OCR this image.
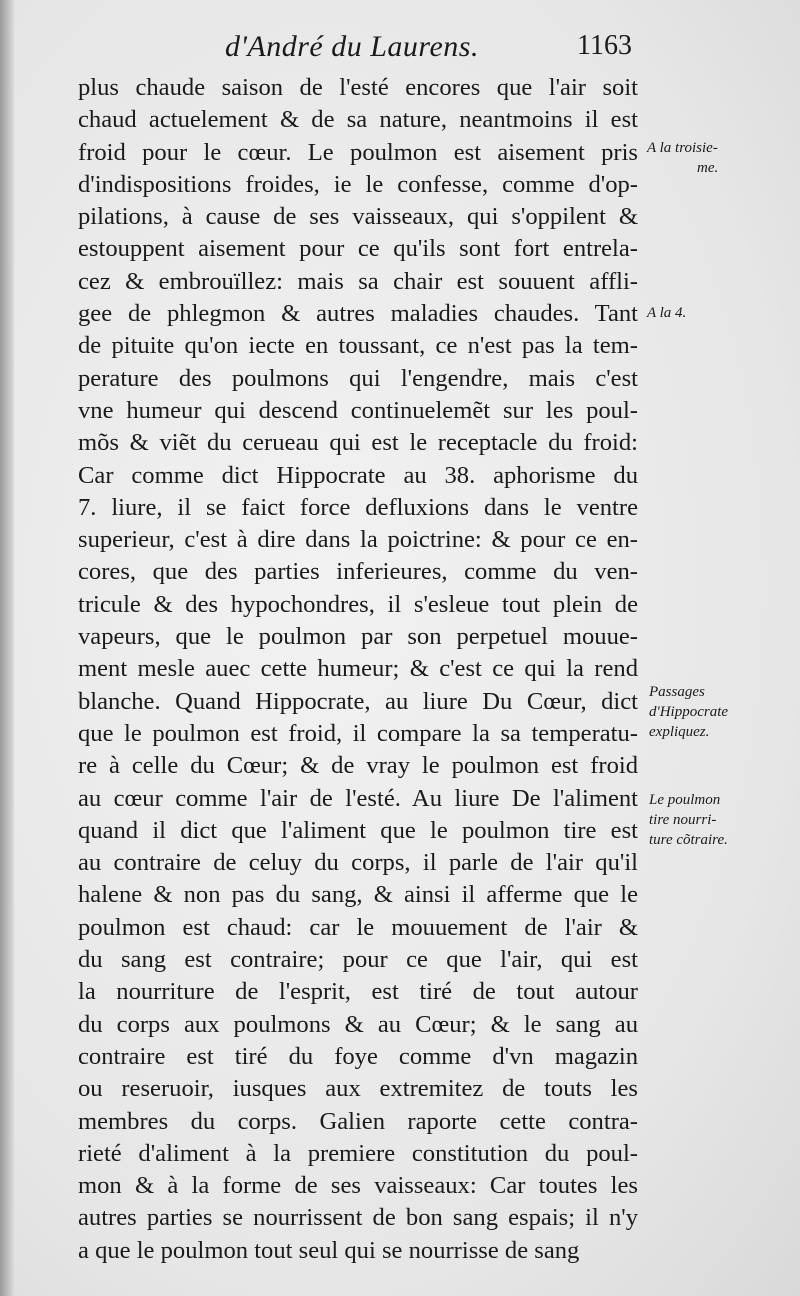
d'André du Laurens.	1163
plus chaude saison de l'esté encores que l'air soit
chaud actuelement & de sa nature, neantmoins il est
froid pour le cœur. Le poulmon est aisement pris
d'indispositions froides, ie le confesse, comme d'op-
pilations, à cause de ses vaisseaux, qui s'oppilent &
estouppent aisement pour ce qu'ils sont fort entrela-
cez & embrouïllez: mais sa chair est souuent affli-
gee de phlegmon & autres maladies chaudes. Tant
de pituite qu'on iecte en toussant, ce n'est pas la tem-
perature des poulmons qui l'engendre, mais c'est
vne humeur qui descend continuelemẽt sur les poul-
mõs & viẽt du cerueau qui est le receptacle du froid:
Car comme dict Hippocrate au 38. aphorisme du
7. liure, il se faict force defluxions dans le ventre
superieur, c'est à dire dans la poictrine: & pour ce en-
cores, que des parties inferieures, comme du ven-
tricule & des hypochondres, il s'esleue tout plein de
vapeurs, que le poulmon par son perpetuel mouue-
ment mesle auec cette humeur; & c'est ce qui la rend
blanche. Quand Hippocrate, au liure Du Cœur, dict
que le poulmon est froid, il compare la sa temperatu-
re à celle du Cœur; & de vray le poulmon est froid
au cœur comme l'air de l'esté. Au liure De l'aliment
quand il dict que l'aliment que le poulmon tire est
au contraire de celuy du corps, il parle de l'air qu'il
halene & non pas du sang, & ainsi il afferme que le
poulmon est chaud: car le mouuement de l'air &
du sang est contraire; pour ce que l'air, qui est
la nourriture de l'esprit, est tiré de tout autour
du corps aux poulmons & au Cœur; & le sang au
contraire est tiré du foye comme d'vn magazin
ou reseruoir, iusques aux extremitez de touts les
membres du corps. Galien raporte cette contra-
rieté d'aliment à la premiere constitution du poul-
mon & à la forme de ses vaisseaux: Car toutes les
autres parties se nourrissent de bon sang espais; il n'y
a que le poulmon tout seul qui se nourrisse de sang
A la troisie-
me.
A la 4.
Passages
d'Hippocrate
expliquez.
Le poulmon
tire nourri-
ture cõtraire.
